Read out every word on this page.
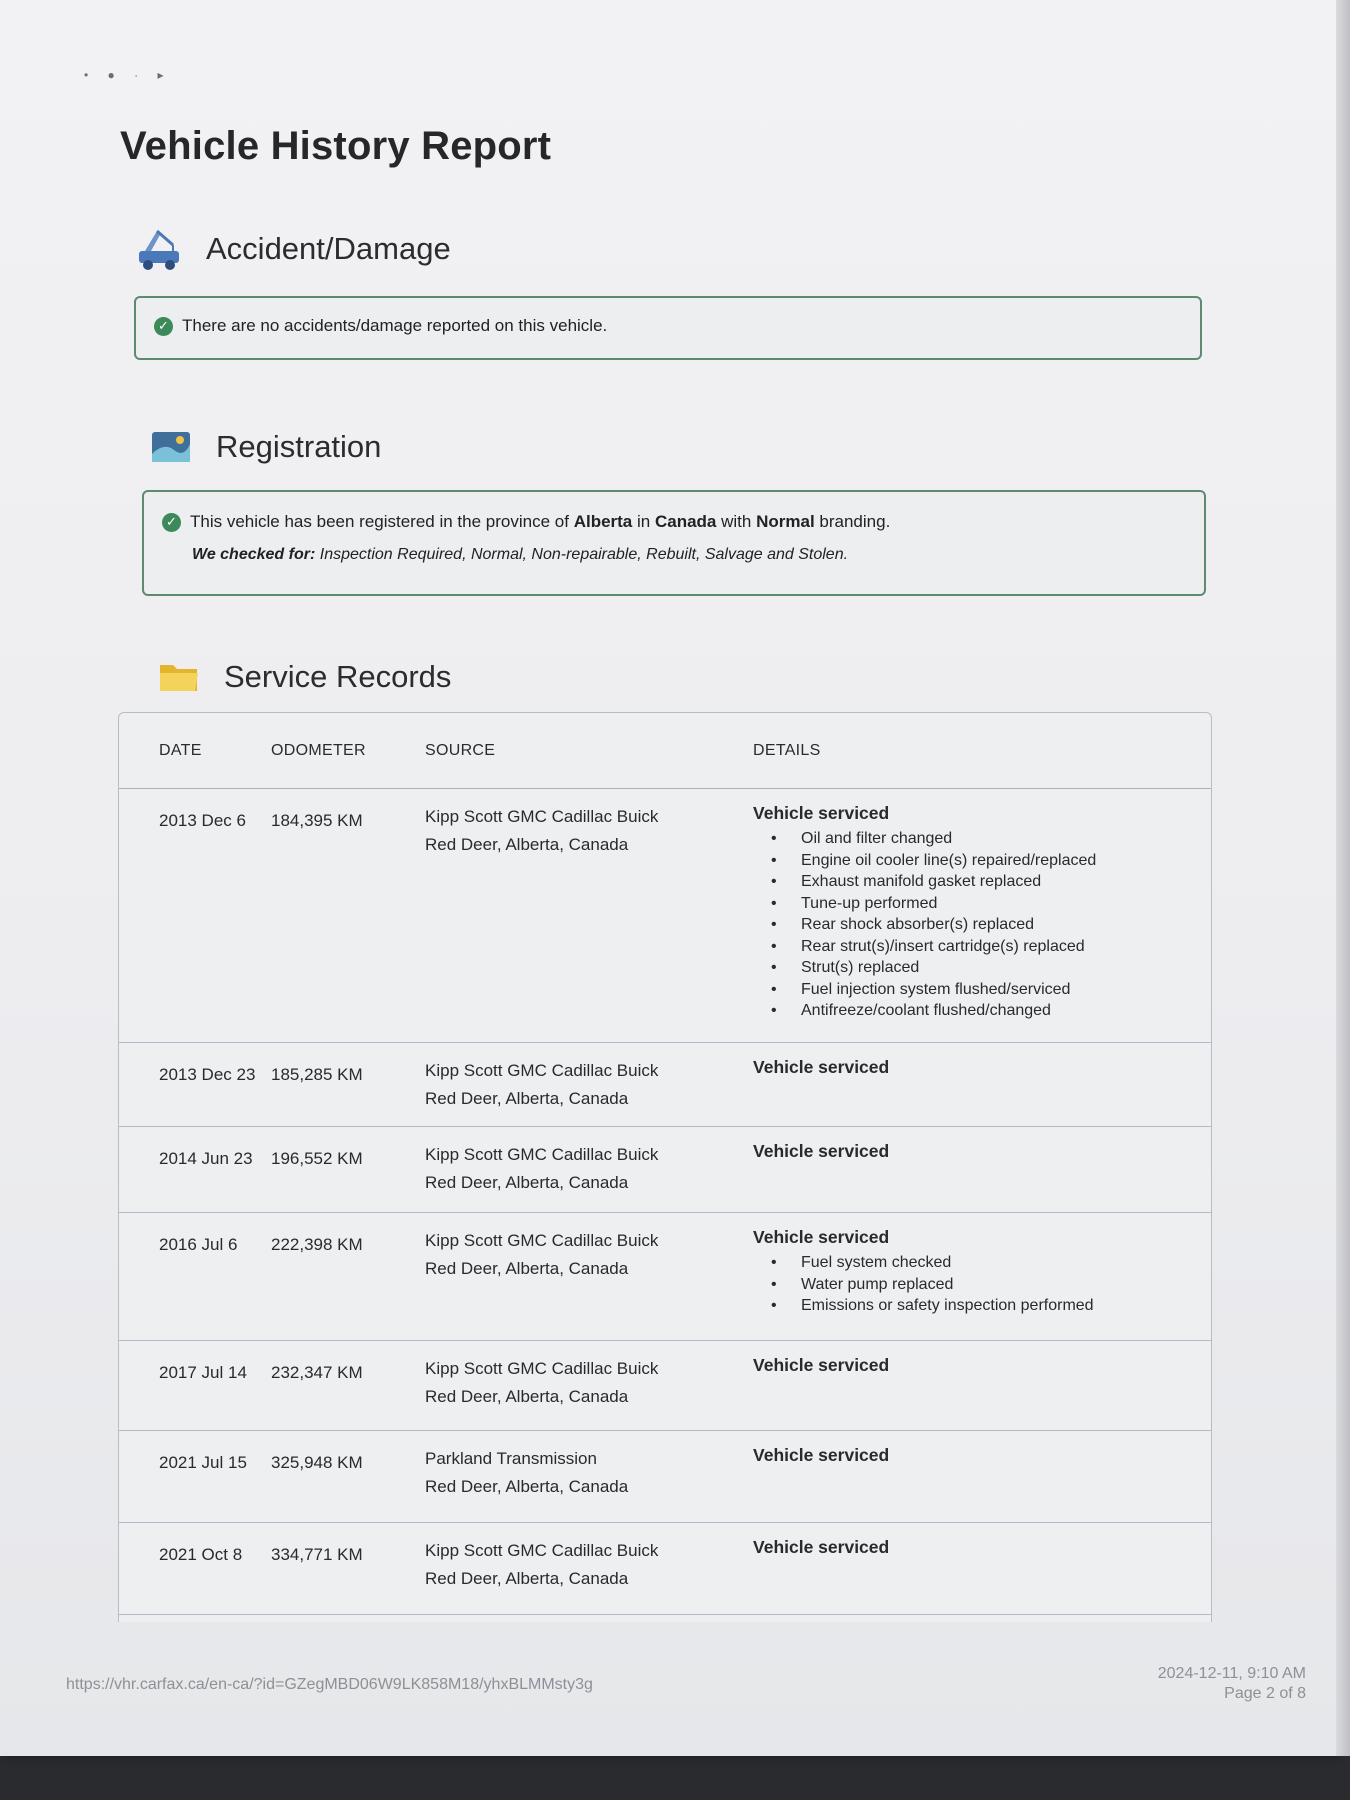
• ● · ▸
Vehicle History Report
Accident/Damage
✓ There are no accidents/damage reported on this vehicle.
Registration
✓ This vehicle has been registered in the province of Alberta in Canada with Normal branding.
We checked for: Inspection Required, Normal, Non-repairable, Rebuilt, Salvage and Stolen.
Service Records
DATE	ODOMETER	SOURCE	DETAILS
2013 Dec 6	184,395 KM	Kipp Scott GMC Cadillac Buick
Red Deer, Alberta, Canada
Vehicle serviced
• Oil and filter changed
• Engine oil cooler line(s) repaired/replaced
• Exhaust manifold gasket replaced
• Tune-up performed
• Rear shock absorber(s) replaced
• Rear strut(s)/insert cartridge(s) replaced
• Strut(s) replaced
• Fuel injection system flushed/serviced
• Antifreeze/coolant flushed/changed
2013 Dec 23 185,285 KM	Kipp Scott GMC Cadillac Buick
Red Deer, Alberta, Canada
Vehicle serviced
2014 Jun 23	196,552 KM	Kipp Scott GMC Cadillac Buick
Red Deer, Alberta, Canada
Vehicle serviced
2016 Jul 6	222,398 KM	Kipp Scott GMC Cadillac Buick
Red Deer, Alberta, Canada
Vehicle serviced
• Fuel system checked
• Water pump replaced
• Emissions or safety inspection performed
2017 Jul 14	232,347 KM	Kipp Scott GMC Cadillac Buick
Red Deer, Alberta, Canada
Vehicle serviced
2021 Jul 15	325,948 KM	Parkland Transmission
Red Deer, Alberta, Canada
Vehicle serviced
2021 Oct 8	334,771 KM	Kipp Scott GMC Cadillac Buick
Red Deer, Alberta, Canada
Vehicle serviced
https://vhr.carfax.ca/en-ca/?id=GZegMBD06W9LK858M18/yhxBLMMsty3g
2024-12-11, 9:10 AM
Page 2 of 8
